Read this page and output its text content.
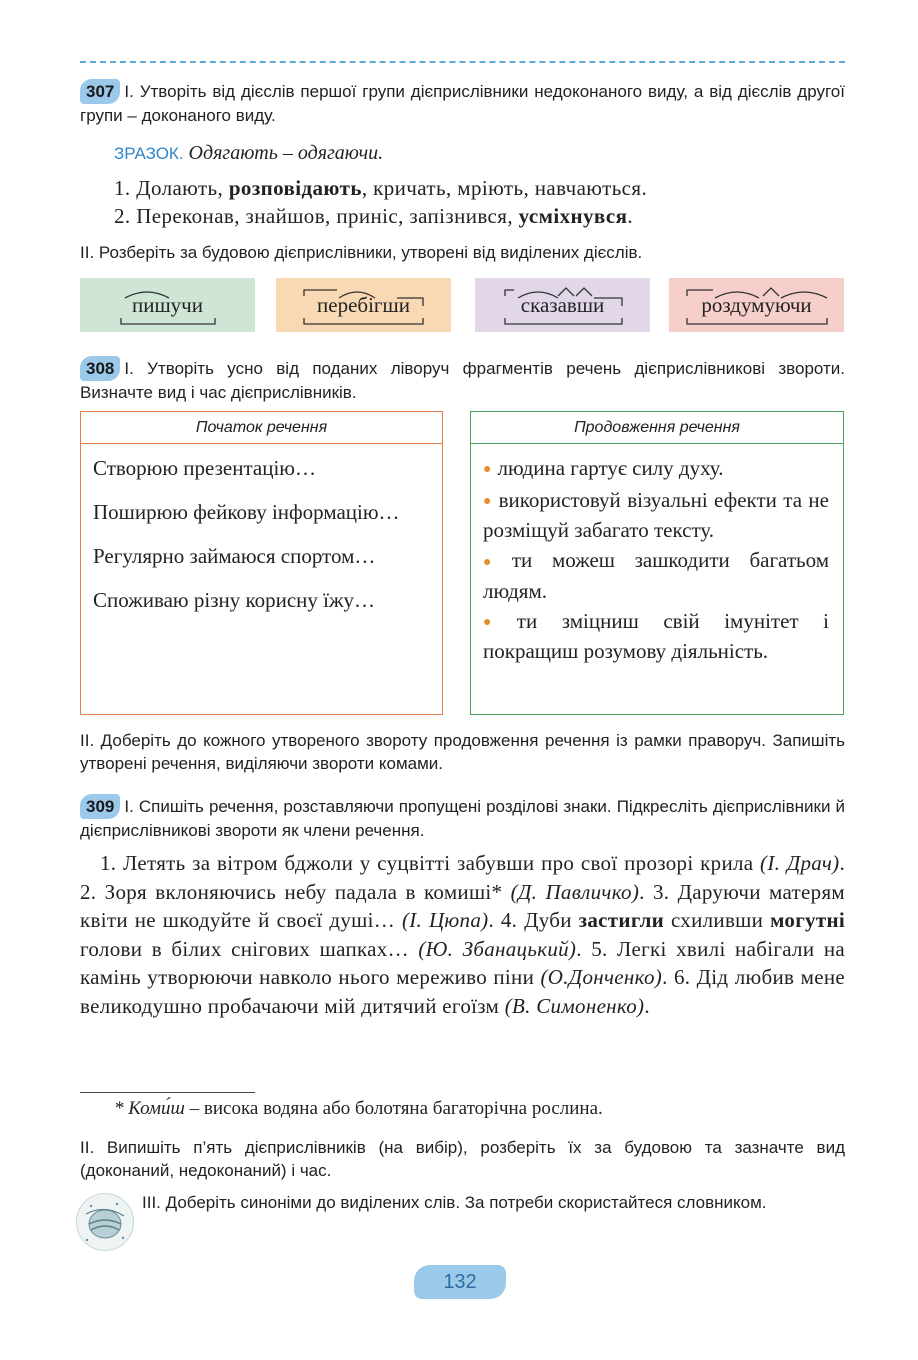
307 I. Утворіть від дієслів першої групи дієприслівники недоконаного виду, а від дієслів другої групи – доконаного виду.
ЗРАЗОК. Одягають – одягаючи.
1. Долають, розповідають, кричать, мріють, навчаються.
2. Переконав, знайшов, приніс, запізнився, усміхнувся.
II. Розберіть за будовою дієприслівники, утворені від виділених дієслів.
пишучи	перебігши	сказавши	роздумуючи
308 I. Утворіть усно від поданих ліворуч фрагментів речень дієприслівникові звороти. Визначте вид і час дієприслівників.
Початок речення

Створюю презентацію…

Поширюю фейкову інформацію…

Регулярно займаюся спортом…

Споживаю різну корисну їжу…

Продовження речення
● людина гартує силу духу.
● використовуй візуальні ефекти та не розміщуй забагато тексту.
● ти можеш зашкодити багатьом людям.
● ти зміцниш свій імунітет і покращиш розумову діяльність.
II. Доберіть до кожного утвореного звороту продовження речення із рамки праворуч. Запишіть утворені речення, виділяючи звороти комами.
309 I. Спишіть речення, розставляючи пропущені розділові знаки. Підкресліть дієприслівники й дієприслівникові звороти як члени речення.
1. Летять за вітром бджоли у суцвітті забувши про свої прозорі крила (І. Драч). 2. Зоря вклоняючись небу падала в комиші* (Д. Павличко). 3. Даруючи матерям квіти не шкодуйте й своєї душі… (І. Цюпа). 4. Дуби застигли схиливши могутні голови в білих снігових шапках… (Ю. Збанацький). 5. Легкі хвилі набігали на камінь утворюючи навколо нього мереживо піни (О.Донченко). 6. Дід любив мене великодушно пробачаючи мій дитячий егоїзм (В. Симоненко).
* Коми́ш – висока водяна або болотяна багаторічна рослина.
II. Випишіть п’ять дієприслівників (на вибір), розберіть їх за будовою та зазначте вид (доконаний, недоконаний) і час.
III. Доберіть синоніми до виділених слів. За потреби скористайтеся словником.
132
